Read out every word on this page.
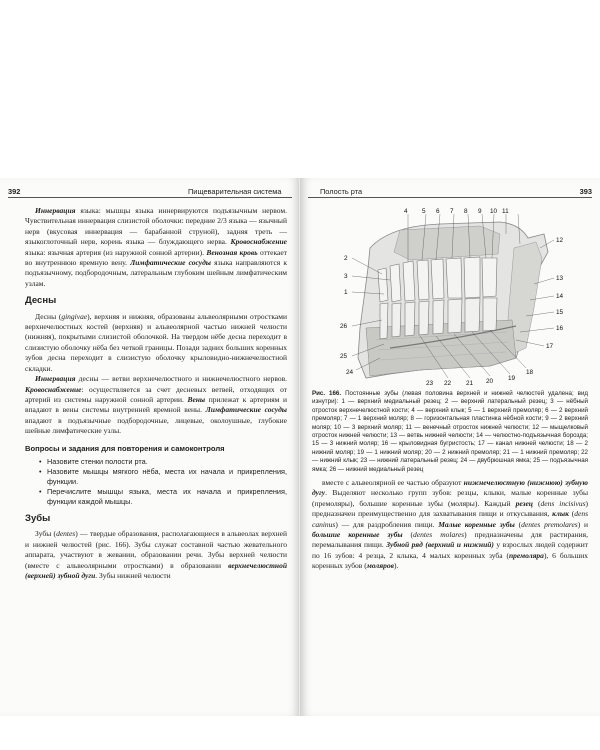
392	Пищеварительная система

Иннервация языка: мышцы языка иннервируются подъязычным нервом. Чувствительная иннервация слизистой оболочки: передние 2/3 языка — язычный нерв (вкусовая иннервация — барабанной струной), задняя треть — языкоглоточный нерв, корень языка — блуждающего нерва. Кровоснабжение языка: язычная артерия (из наружной сонной артерии). Венозная кровь оттекает во внутреннюю яремную вену. Лимфатические сосуды языка направляются к подъязычному, подбородочным, латеральным глубоким шейным лимфатическим узлам.

Десны

Десны (gingivae), верхняя и нижняя, образованы альвеолярными отростками верхнечелюстных костей (верхняя) и альвеолярной частью нижней челюсти (нижняя), покрытыми слизистой оболочкой. На твердом нёбе десна переходит в слизистую оболочку нёба без четкой границы. Позади задних больших коренных зубов десна переходит в слизистую оболочку крыловидно-нижнечелюстной складки.

Иннервация десны — ветви верхнечелюстного и нижнечелюстного нервов. Кровоснабжение: осуществляется за счет десневых ветвей, отходящих от артерий из системы наружной сонной артерии. Вены прилежат к артериям и впадают в вены системы внутренней яремной вены. Лимфатические сосуды впадают в подъязычные подбородочные, лицевые, околоушные, глубокие шейные лимфатические узлы.

Вопросы и задания для повторения и самоконтроля
• Назовите стенки полости рта.
• Назовите мышцы мягкого нёба, места их начала и прикрепления, функции.
• Перечислите мышцы языка, места их начала и прикрепления, функции каждой мышцы.
Зубы

Зубы (dentes) — твердые образования, располагающиеся в альвеолах верхней и нижней челюстей (рис. 166). Зубы служат составной частью жевательного аппарата, участвуют в жевании, образовании речи. Зубы верхней челюсти (вместе с альвеолярными отростками) в образовании верхнечелюстной (верхней) зубной дуги. Зубы нижней челюсти

Полость рта	393
2
3
1
26
25
24
4 5 6 7 8 9 10 11
12
13
14
15
16
17
18
19
20
21
22
23
Рис. 166. Постоянные зубы (левая половина верхней и нижней челюстей удалена; вид изнутри): 1 — верхний медиальный резец; 2 — верхний латеральный резец; 3 — нёбный отросток верхнечелюстной кости; 4 — верхний клык; 5 — 1 верхний премоляр; 6 — 2 верхний премоляр; 7 — 1 верхний моляр; 8 — горизонтальная пластинка нёбной кости; 9 — 2 верхний моляр; 10 — 3 верхний моляр; 11 — венечный отросток нижней челюсти; 12 — мыщелковый отросток нижней челюсти; 13 — ветвь нижней челюсти; 14 — челюстно-подъязычная борозда; 15 — 3 нижний моляр; 16 — крыловидная бугристость; 17 — канал нижней челюсти; 18 — 2 нижний моляр; 19 — 1 нижний моляр; 20 — 2 нижний премоляр; 21 — 1 нижний премоляр; 22 — нижний клык; 23 — нижний латеральный резец; 24 — двубрюшная ямка; 25 — подъязычная ямка; 26 — нижний медиальный резец

вместе с альвеолярной ее частью образуют нижнечелюстную (нижнюю) зубную дугу. Выделяют несколько групп зубов: резцы, клыки, малые коренные зубы (премоляры), большие коренные зубы (моляры). Каждый резец (dens incisivus) предназначен преимущественно для захватывания пищи и откусывания, клык (dens caninus) — для раздробления пищи. Малые коренные зубы (dentes premolares) и большие коренные зубы (dentes molares) предназначены для растирания, перемалывания пищи. Зубной ряд (верхний и нижний) у взрослых людей содержит по 16 зубов: 4 резца, 2 клыка, 4 малых коренных зуба (премоляра), 6 больших коренных зубов (моляров).
